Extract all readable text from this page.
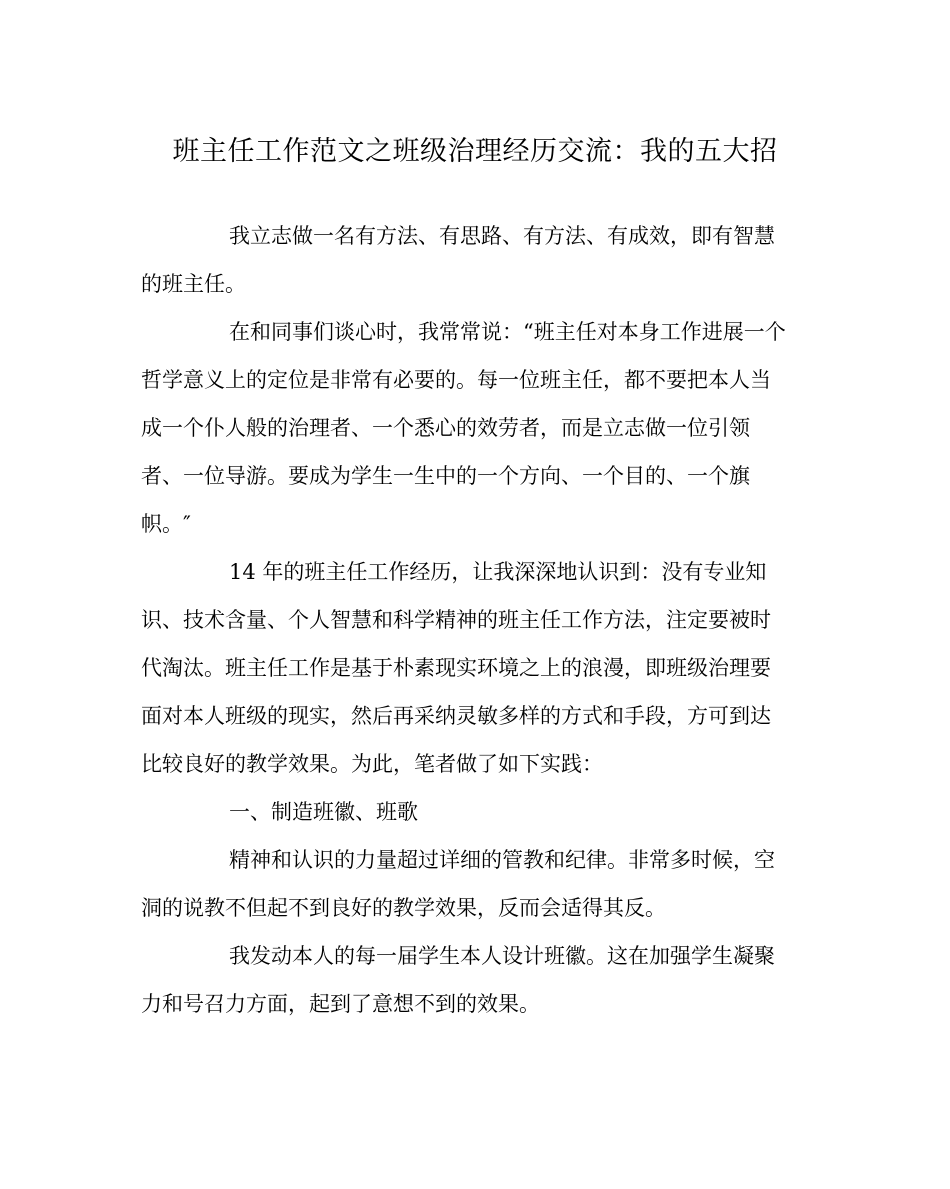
班主任工作范文之班级治理经历交流：我的五大招
我立志做一名有方法、有思路、有方法、有成效，即有智慧
的班主任。
在和同事们谈心时，我常常说：“班主任对本身工作进展一个
哲学意义上的定位是非常有必要的。每一位班主任，都不要把本人当
成一个仆人般的治理者、一个悉心的效劳者，而是立志做一位引领
者、一位导游。要成为学生一生中的一个方向、一个目的、一个旗
帜。″
14 年的班主任工作经历，让我深深地认识到：没有专业知
识、技术含量、个人智慧和科学精神的班主任工作方法，注定要被时
代淘汰。班主任工作是基于朴素现实环境之上的浪漫，即班级治理要
面对本人班级的现实，然后再采纳灵敏多样的方式和手段，方可到达
比较良好的教学效果。为此，笔者做了如下实践：
一、制造班徽、班歌
精神和认识的力量超过详细的管教和纪律。非常多时候，空
洞的说教不但起不到良好的教学效果，反而会适得其反。
我发动本人的每一届学生本人设计班徽。这在加强学生凝聚
力和号召力方面，起到了意想不到的效果。
